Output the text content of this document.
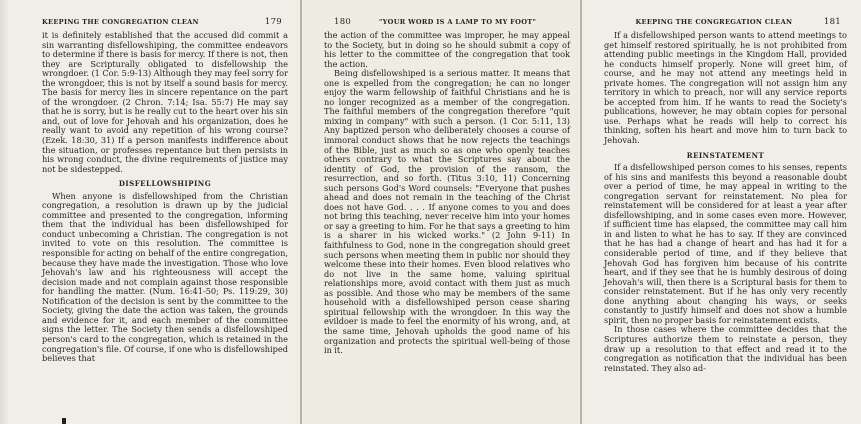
KEEPING THE CONGREGATION CLEAN	179
it is definitely established that the accused did commit a sin warranting disfellowshiping, the committee endeavors to determine if there is basis for mercy. If there is not, then they are Scripturally obligated to disfellowship the wrongdoer. (1 Cor. 5:9-13) Although they may feel sorry for the wrongdoer, this is not by itself a sound basis for mercy. The basis for mercy lies in sincere repentance on the part of the wrongdoer. (2 Chron. 7:14; Isa. 55:7) He may say that he is sorry, but is he really cut to the heart over his sin and, out of love for Jehovah and his organization, does he really want to avoid any repetition of his wrong course? (Ezek. 18:30, 31) If a person manifests indifference about the situation, or professes repentance but then persists in his wrong conduct, the divine requirements of justice may not be sidestepped.
DISFELLOWSHIPING
When anyone is disfellowshiped from the Christian congregation, a resolution is drawn up by the judicial committee and presented to the congregation, informing them that the individual has been disfellowshiped for conduct unbecoming a Christian. The congregation is not invited to vote on this resolution. The committee is responsible for acting on behalf of the entire congregation, because they have made the investigation. Those who love Jehovah's law and his righteousness will accept the decision made and not complain against those responsible for handling the matter. (Num. 16:41-50; Ps. 119:29, 30) Notification of the decision is sent by the committee to the Society, giving the date the action was taken, the grounds and evidence for it, and each member of the committee signs the letter. The Society then sends a disfellowshiped person's card to the congregation, which is retained in the congregation's file. Of course, if one who is disfellowshiped believes that
"YOUR WORD IS A LAMP TO MY FOOT"
180
the action of the committee was improper, he may appeal to the Society, but in doing so he should submit a copy of his letter to the committee of the congregation that took the action.
Being disfellowshiped is a serious matter. It means that one is expelled from the congregation; he can no longer enjoy the warm fellowship of faithful Christians and he is no longer recognized as a member of the congregation. The faithful members of the congregation therefore "quit mixing in company" with such a person. (1 Cor. 5:11, 13) Any baptized person who deliberately chooses a course of immoral conduct shows that he now rejects the teachings of the Bible, just as much so as one who openly teaches others contrary to what the Scriptures say about the identity of God, the provision of the ransom, the resurrection, and so forth. (Titus 3:10, 11) Concerning such persons God's Word counsels: "Everyone that pushes ahead and does not remain in the teaching of the Christ does not have God. . . . If anyone comes to you and does not bring this teaching, never receive him into your homes or say a greeting to him. For he that says a greeting to him is a sharer in his wicked works." (2 John 9-11) In faithfulness to God, none in the congregation should greet such persons when meeting them in public nor should they welcome these into their homes. Even blood relatives who do not live in the same home, valuing spiritual relationships more, avoid contact with them just as much as possible. And those who may be members of the same household with a disfellowshiped person cease sharing spiritual fellowship with the wrongdoer. In this way the evildoer is made to feel the enormity of his wrong, and, at the same time, Jehovah upholds the good name of his organization and protects the spiritual well-being of those in it.
KEEPING THE CONGREGATION CLEAN	181
If a disfellowshiped person wants to attend meetings to get himself restored spiritually, he is not prohibited from attending public meetings in the Kingdom Hall, provided he conducts himself properly. None will greet him, of course, and he may not attend any meetings held in private homes. The congregation will not assign him any territory in which to preach, nor will any service reports be accepted from him. If he wants to read the Society's publications, however, he may obtain copies for personal use. Perhaps what he reads will help to correct his thinking, soften his heart and move him to turn back to Jehovah.
REINSTATEMENT
If a disfellowshiped person comes to his senses, repents of his sins and manifests this beyond a reasonable doubt over a period of time, he may appeal in writing to the congregation servant for reinstatement. No plea for reinstatement will be considered for at least a year after disfellowshiping, and in some cases even more. However, if sufficient time has elapsed, the committee may call him in and listen to what he has to say. If they are convinced that he has had a change of heart and has had it for a considerable period of time, and if they believe that Jehovah God has forgiven him because of his contrite heart, and if they see that he is humbly desirous of doing Jehovah's will, then there is a Scriptural basis for them to consider reinstatement. But if he has only very recently done anything about changing his ways, or seeks constantly to justify himself and does not show a humble spirit, then no proper basis for reinstatement exists.
In those cases where the committee decides that the Scriptures authorize them to reinstate a person, they draw up a resolution to that effect and read it to the congregation as notification that the individual has been reinstated. They also ad-
